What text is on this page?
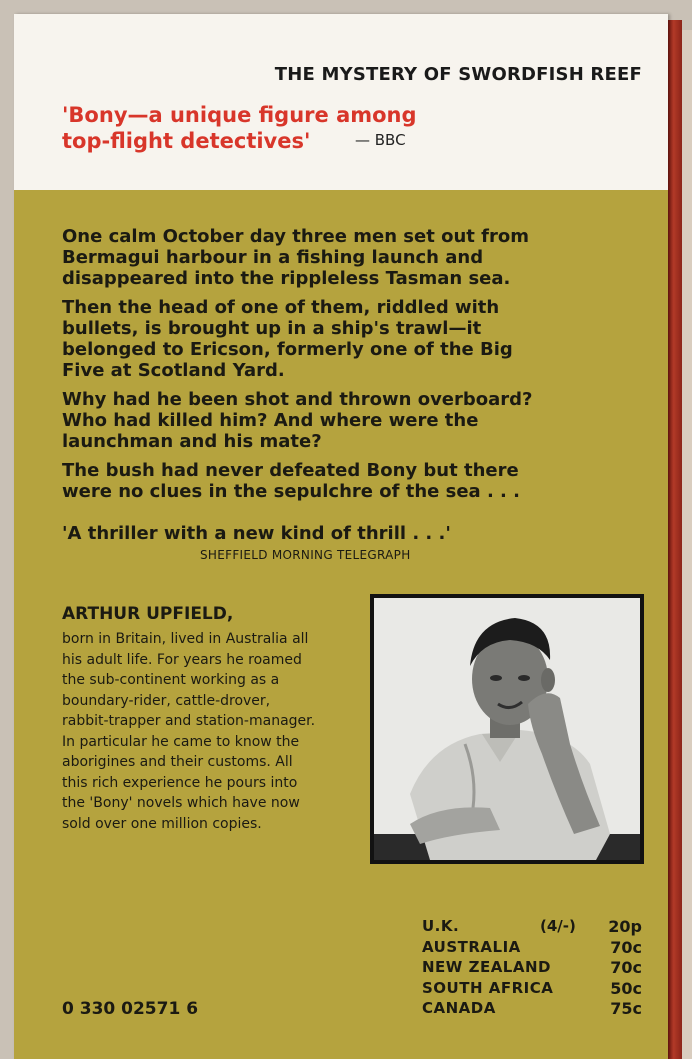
THE MYSTERY OF SWORDFISH REEF
'Bony—a unique figure among
top-flight detectives'	— BBC

One calm October day three men set out from
Bermagui harbour in a fishing launch and
disappeared into the rippleless Tasman sea.

Then the head of one of them, riddled with
bullets, is brought up in a ship's trawl—it
belonged to Ericson, formerly one of the Big
Five at Scotland Yard.

Why had he been shot and thrown overboard?
Who had killed him? And where were the
launchman and his mate?

The bush had never defeated Bony but there
were no clues in the sepulchre of the sea . . .

'A thriller with a new kind of thrill . . .'
SHEFFIELD MORNING TELEGRAPH
ARTHUR UPFIELD,
born in Britain, lived in Australia all
his adult life. For years he roamed
the sub-continent working as a
boundary-rider, cattle-drover,
rabbit-trapper and station-manager.
In particular he came to know the
aborigines and their customs. All
this rich experience he pours into
the 'Bony' novels which have now
sold over one million copies.
0 330 02571 6
U.K.	(4/-) 20p
AUSTRALIA	70c
NEW ZEALAND	70c
SOUTH AFRICA	50c
CANADA	75c
